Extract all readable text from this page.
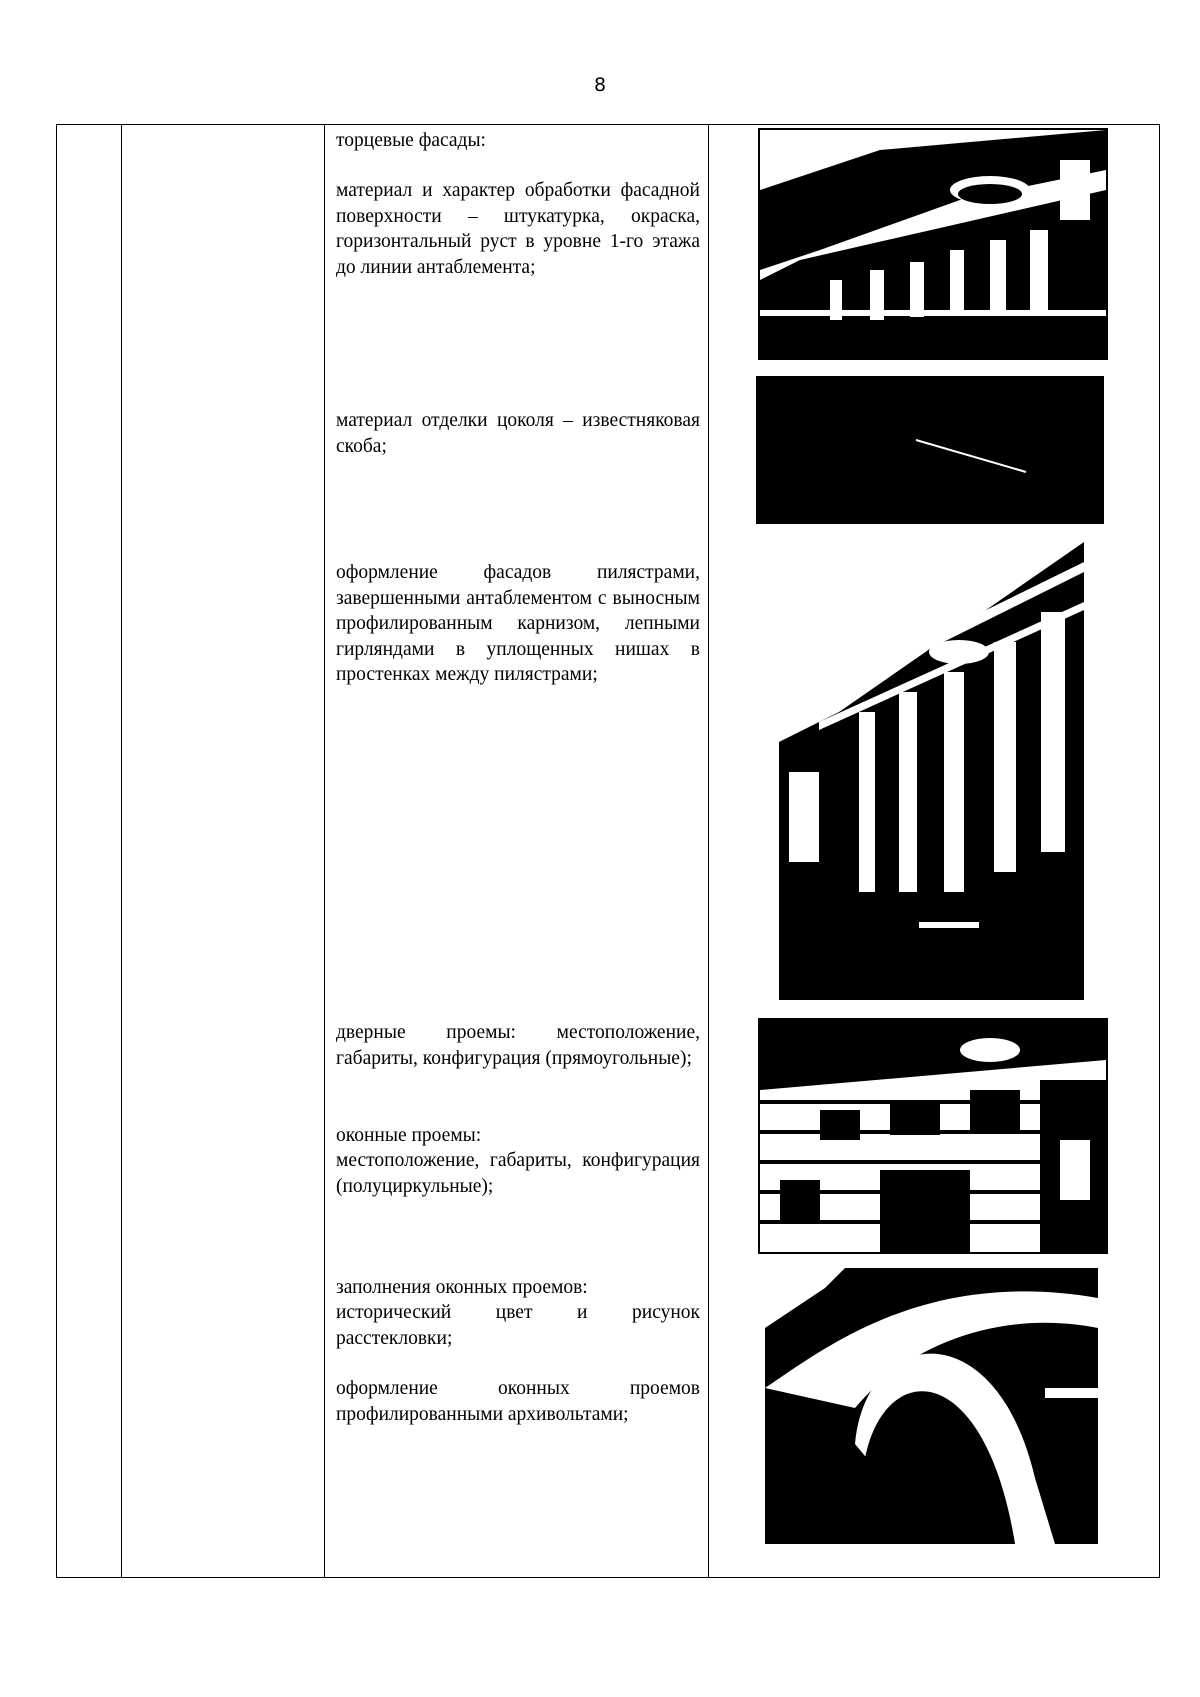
8

торцевые фасады:

материал и характер обработки фасадной поверхности – штукатурка, окраска, горизонтальный руст в уровне 1-го этажа до линии антаблемента;

материал отделки цоколя – известняковая скоба;

оформление фасадов пилястрами, завершенными антаблементом с выносным профилированным карнизом, лепными гирляндами в уплощенных нишах в простенках между пилястрами;

дверные проемы: местоположение, габариты, конфигурация (прямоугольные);

оконные проемы:

местоположение, габариты, конфигурация (полуциркульные);

заполнения оконных проемов:

исторический цвет и рисунок расстекловки;

оформление оконных проемов профилированными архивольтами;
